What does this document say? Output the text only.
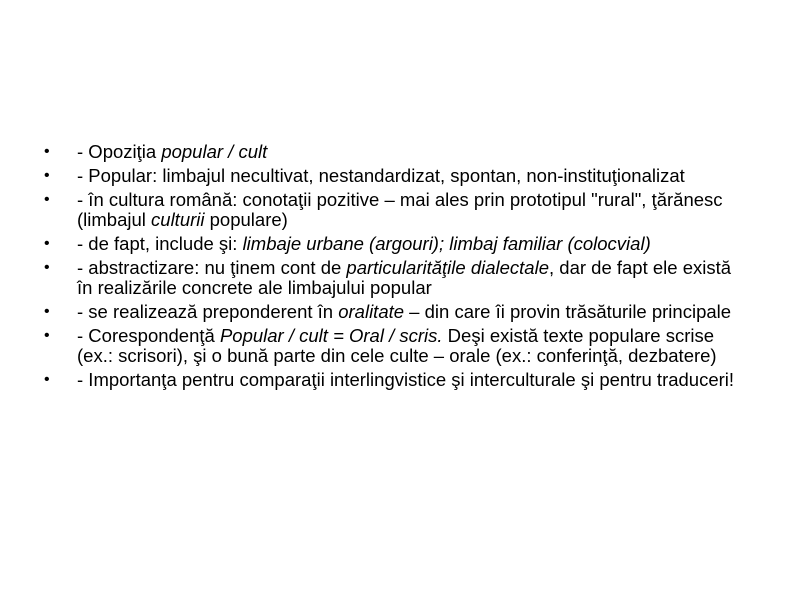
• - Opoziţia popular / cult
• - Popular: limbajul necultivat, nestandardizat, spontan, non-instituţionalizat
• - în cultura română: conotaţii pozitive – mai ales prin prototipul "rural", ţărănesc (limbajul culturii populare)
• - de fapt, include şi: limbaje urbane (argouri); limbaj familiar (colocvial)
• - abstractizare: nu ţinem cont de particularităţile dialectale, dar de fapt ele există în realizările concrete ale limbajului popular
• - se realizează preponderent în oralitate – din care îi provin trăsăturile principale
• - Corespondenţă Popular / cult = Oral / scris. Deşi există texte populare scrise (ex.: scrisori), şi o bună parte din cele culte – orale (ex.: conferinţă, dezbatere)
• - Importanţa pentru comparaţii interlingvistice şi interculturale şi pentru traduceri!
